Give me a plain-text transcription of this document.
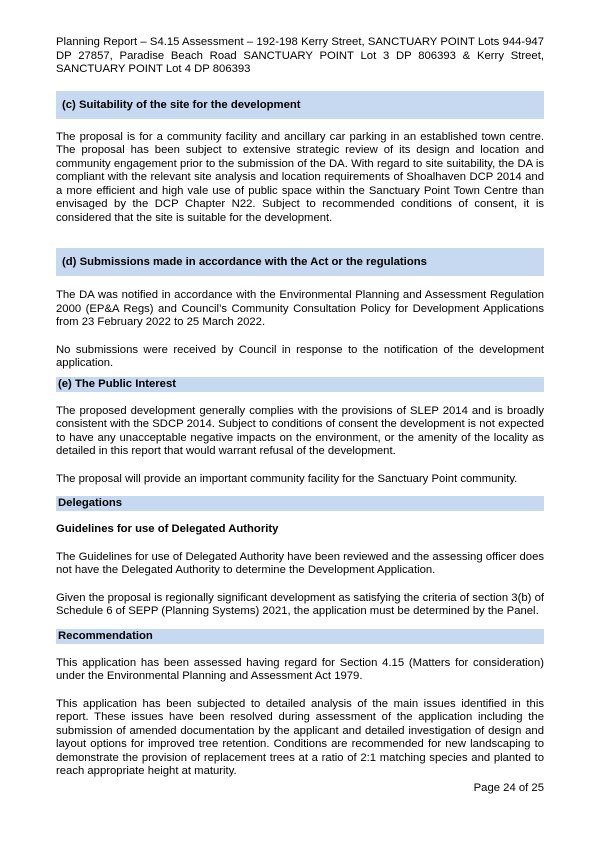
Planning Report – S4.15 Assessment – 192-198 Kerry Street, SANCTUARY POINT Lots 944-947 DP 27857, Paradise Beach Road SANCTUARY POINT Lot 3 DP 806393 & Kerry Street, SANCTUARY POINT Lot 4 DP 806393
(c) Suitability of the site for the development

The proposal is for a community facility and ancillary car parking in an established town centre. The proposal has been subject to extensive strategic review of its design and location and community engagement prior to the submission of the DA. With regard to site suitability, the DA is compliant with the relevant site analysis and location requirements of Shoalhaven DCP 2014 and a more efficient and high vale use of public space within the Sanctuary Point Town Centre than envisaged by the DCP Chapter N22. Subject to recommended conditions of consent, it is considered that the site is suitable for the development.

(d) Submissions made in accordance with the Act or the regulations

The DA was notified in accordance with the Environmental Planning and Assessment Regulation 2000 (EP&A Regs) and Council’s Community Consultation Policy for Development Applications from 23 February 2022 to 25 March 2022.

No submissions were received by Council in response to the notification of the development application.

(e) The Public Interest

The proposed development generally complies with the provisions of SLEP 2014 and is broadly consistent with the SDCP 2014. Subject to conditions of consent the development is not expected to have any unacceptable negative impacts on the environment, or the amenity of the locality as detailed in this report that would warrant refusal of the development.

The proposal will provide an important community facility for the Sanctuary Point community.

Delegations
Guidelines for use of Delegated Authority

The Guidelines for use of Delegated Authority have been reviewed and the assessing officer does not have the Delegated Authority to determine the Development Application.

Given the proposal is regionally significant development as satisfying the criteria of section 3(b) of Schedule 6 of SEPP (Planning Systems) 2021, the application must be determined by the Panel.

Recommendation

This application has been assessed having regard for Section 4.15 (Matters for consideration) under the Environmental Planning and Assessment Act 1979.

This application has been subjected to detailed analysis of the main issues identified in this report. These issues have been resolved during assessment of the application including the submission of amended documentation by the applicant and detailed investigation of design and layout options for improved tree retention. Conditions are recommended for new landscaping to demonstrate the provision of replacement trees at a ratio of 2:1 matching species and planted to reach appropriate height at maturity.

Page 24 of 25
